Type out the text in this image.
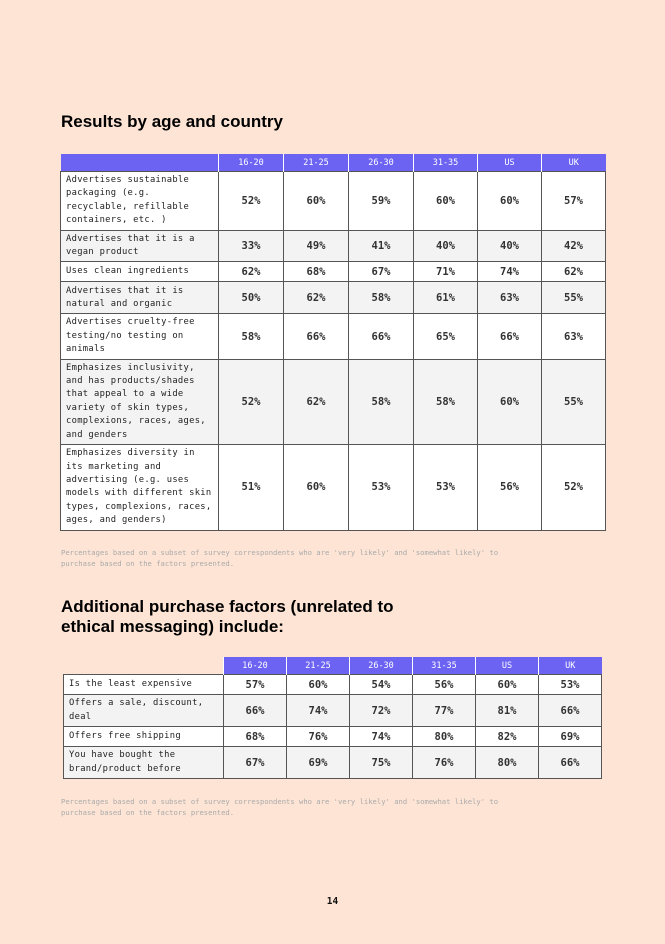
Results by age and country
	16-20	21-25	26-30	31-35	US	UK
Advertises sustainable packaging (e.g. recyclable, refillable containers, etc. )	52%	60%	59%	60%	60%	57%
Advertises that it is a vegan product	33%	49%	41%	40%	40%	42%
Uses clean ingredients	62%	68%	67%	71%	74%	62%
Advertises that it is natural and organic	50%	62%	58%	61%	63%	55%
Advertises cruelty-free testing/no testing on animals	58%	66%	66%	65%	66%	63%
Emphasizes inclusivity, and has products/shades that appeal to a wide variety of skin types, complexions, races, ages, and genders	52%	62%	58%	58%	60%	55%
Emphasizes diversity in its marketing and advertising (e.g. uses models with different skin types, complexions, races, ages, and genders)	51%	60%	53%	53%	56%	52%
Percentages based on a subset of survey correspondents who are 'very likely' and 'somewhat likely' to purchase based on the factors presented.
Additional purchase factors (unrelated to ethical messaging) include:
	16-20	21-25	26-30	31-35	US	UK
Is the least expensive	57%	60%	54%	56%	60%	53%
Offers a sale, discount, deal	66%	74%	72%	77%	81%	66%
Offers free shipping	68%	76%	74%	80%	82%	69%
You have bought the brand/product before	67%	69%	75%	76%	80%	66%
Percentages based on a subset of survey correspondents who are 'very likely' and 'somewhat likely' to purchase based on the factors presented.
14
